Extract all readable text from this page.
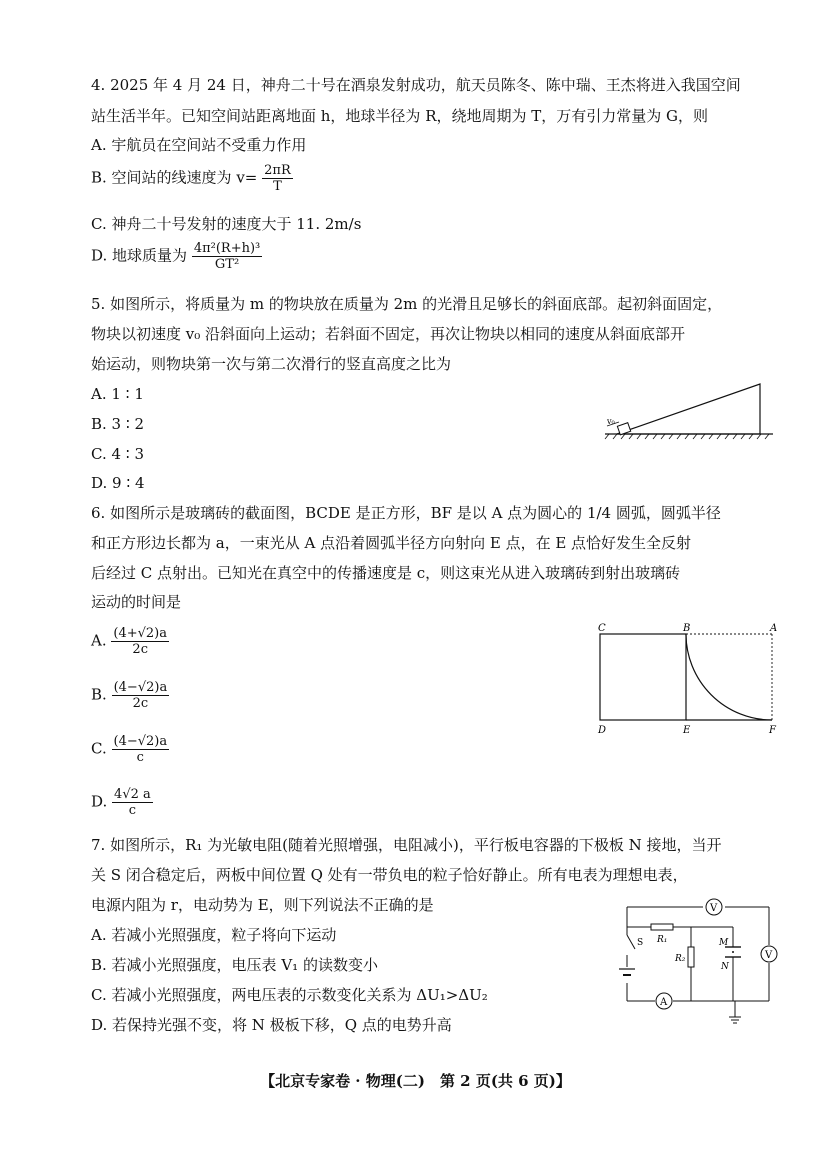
4. 2025 年 4 月 24 日，神舟二十号在酒泉发射成功，航天员陈冬、陈中瑞、王杰将进入我国空间
站生活半年。已知空间站距离地面 h，地球半径为 R，绕地周期为 T，万有引力常量为 G，则
A. 宇航员在空间站不受重力作用
B. 空间站的线速度为 $v= \frac{2\pi R}{T}$
C. 神舟二十号发射的速度大于 11. 2m/s
D. 地球质量为 $\frac{\text{4π²(R+h)³}}{\text{GT²}}$
5. 如图所示，将质量为 m 的物块放在质量为 2m 的光滑且足够长的斜面底部。起初斜面固定，
物块以初速度 v₀ 沿斜面向上运动；若斜面不固定，再次让物块以相同的速度从斜面底部开
始运动，则物块第一次与第二次滑行的竖直高度之比为
A. 1 ∶ 1
B. 3 ∶ 2
C. 4 ∶ 3
D. 9 ∶ 4
v₀
6. 如图所示是玻璃砖的截面图，BCDE 是正方形，BF 是以 A 点为圆心的 1/4 圆弧，圆弧半径
和正方形边长都为 a，一束光从 A 点沿着圆弧半径方向射向 E 点，在 E 点恰好发生全反射
后经过 C 点射出。已知光在真空中的传播速度是 c，则这束光从进入玻璃砖到射出玻璃砖
运动的时间是
A. $\frac{(4+√2)a}{2c}$
B. $\frac{(4-√2)a}{2c}$
C. $\frac{(4-√2)a}{c}$
D. $\frac{4√2 a}{c}$
C	B	A
D	E	F
7. 如图所示，R₁ 为光敏电阻(随着光照增强，电阻减小)，平行板电容器的下极板 N 接地，当开
关 S 闭合稳定后，两板中间位置 Q 处有一带负电的粒子恰好静止。所有电表为理想电表，
电源内阻为 r，电动势为 E，则下列说法不正确的是
A. 若减小光照强度，粒子将向下运动
B. 若减小光照强度，电压表 V₁ 的读数变小
C. 若减小光照强度，两电压表的示数变化关系为 ΔU₁>ΔU₂
D. 若保持光强不变，将 N 极板下移，Q 点的电势升高
V
R₁
R₂
M
N
V
S
A
【北京专家卷 · 物理(二)　第 2 页(共 6 页)】
